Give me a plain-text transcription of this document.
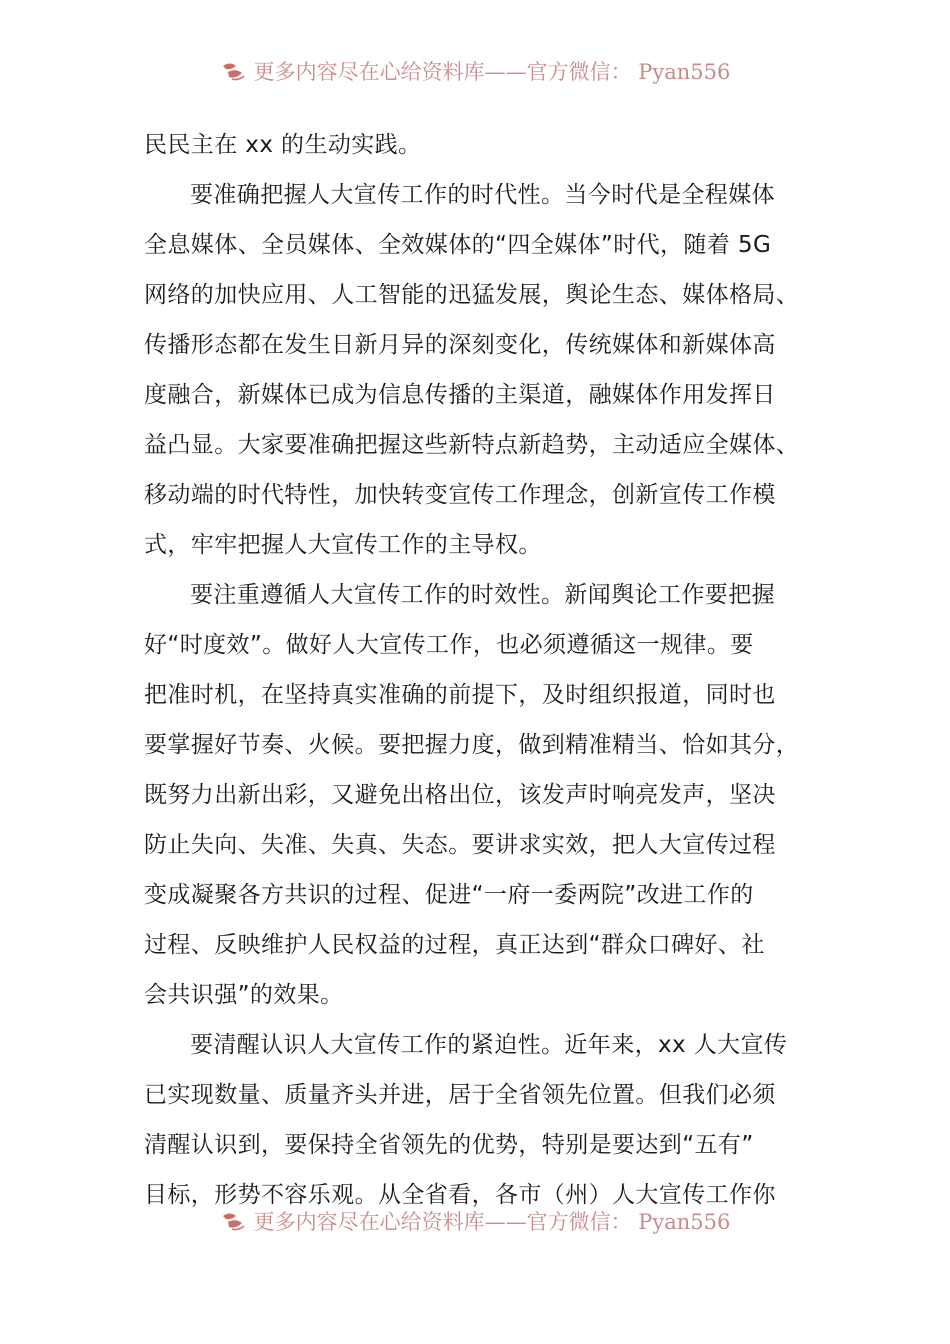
更多内容尽在心给资料库——官方微信： Pyan556
民民主在 xx 的生动实践。
要准确把握人大宣传工作的时代性。当今时代是全程媒体
全息媒体、全员媒体、全效媒体的“四全媒体”时代，随着 5G
网络的加快应用、人工智能的迅猛发展，舆论生态、媒体格局、
传播形态都在发生日新月异的深刻变化，传统媒体和新媒体高
度融合，新媒体已成为信息传播的主渠道，融媒体作用发挥日
益凸显。大家要准确把握这些新特点新趋势，主动适应全媒体、
移动端的时代特性，加快转变宣传工作理念，创新宣传工作模
式，牢牢把握人大宣传工作的主导权。
要注重遵循人大宣传工作的时效性。新闻舆论工作要把握
好“时度效”。做好人大宣传工作，也必须遵循这一规律。要
把准时机，在坚持真实准确的前提下，及时组织报道，同时也
要掌握好节奏、火候。要把握力度，做到精准精当、恰如其分，
既努力出新出彩，又避免出格出位，该发声时响亮发声，坚决
防止失向、失准、失真、失态。要讲求实效，把人大宣传过程
变成凝聚各方共识的过程、促进“一府一委两院”改进工作的
过程、反映维护人民权益的过程，真正达到“群众口碑好、社
会共识强”的效果。
要清醒认识人大宣传工作的紧迫性。近年来，xx 人大宣传
已实现数量、质量齐头并进，居于全省领先位置。但我们必须
清醒认识到，要保持全省领先的优势，特别是要达到“五有”
目标，形势不容乐观。从全省看，各市（州）人大宣传工作你
更多内容尽在心给资料库——官方微信： Pyan556
